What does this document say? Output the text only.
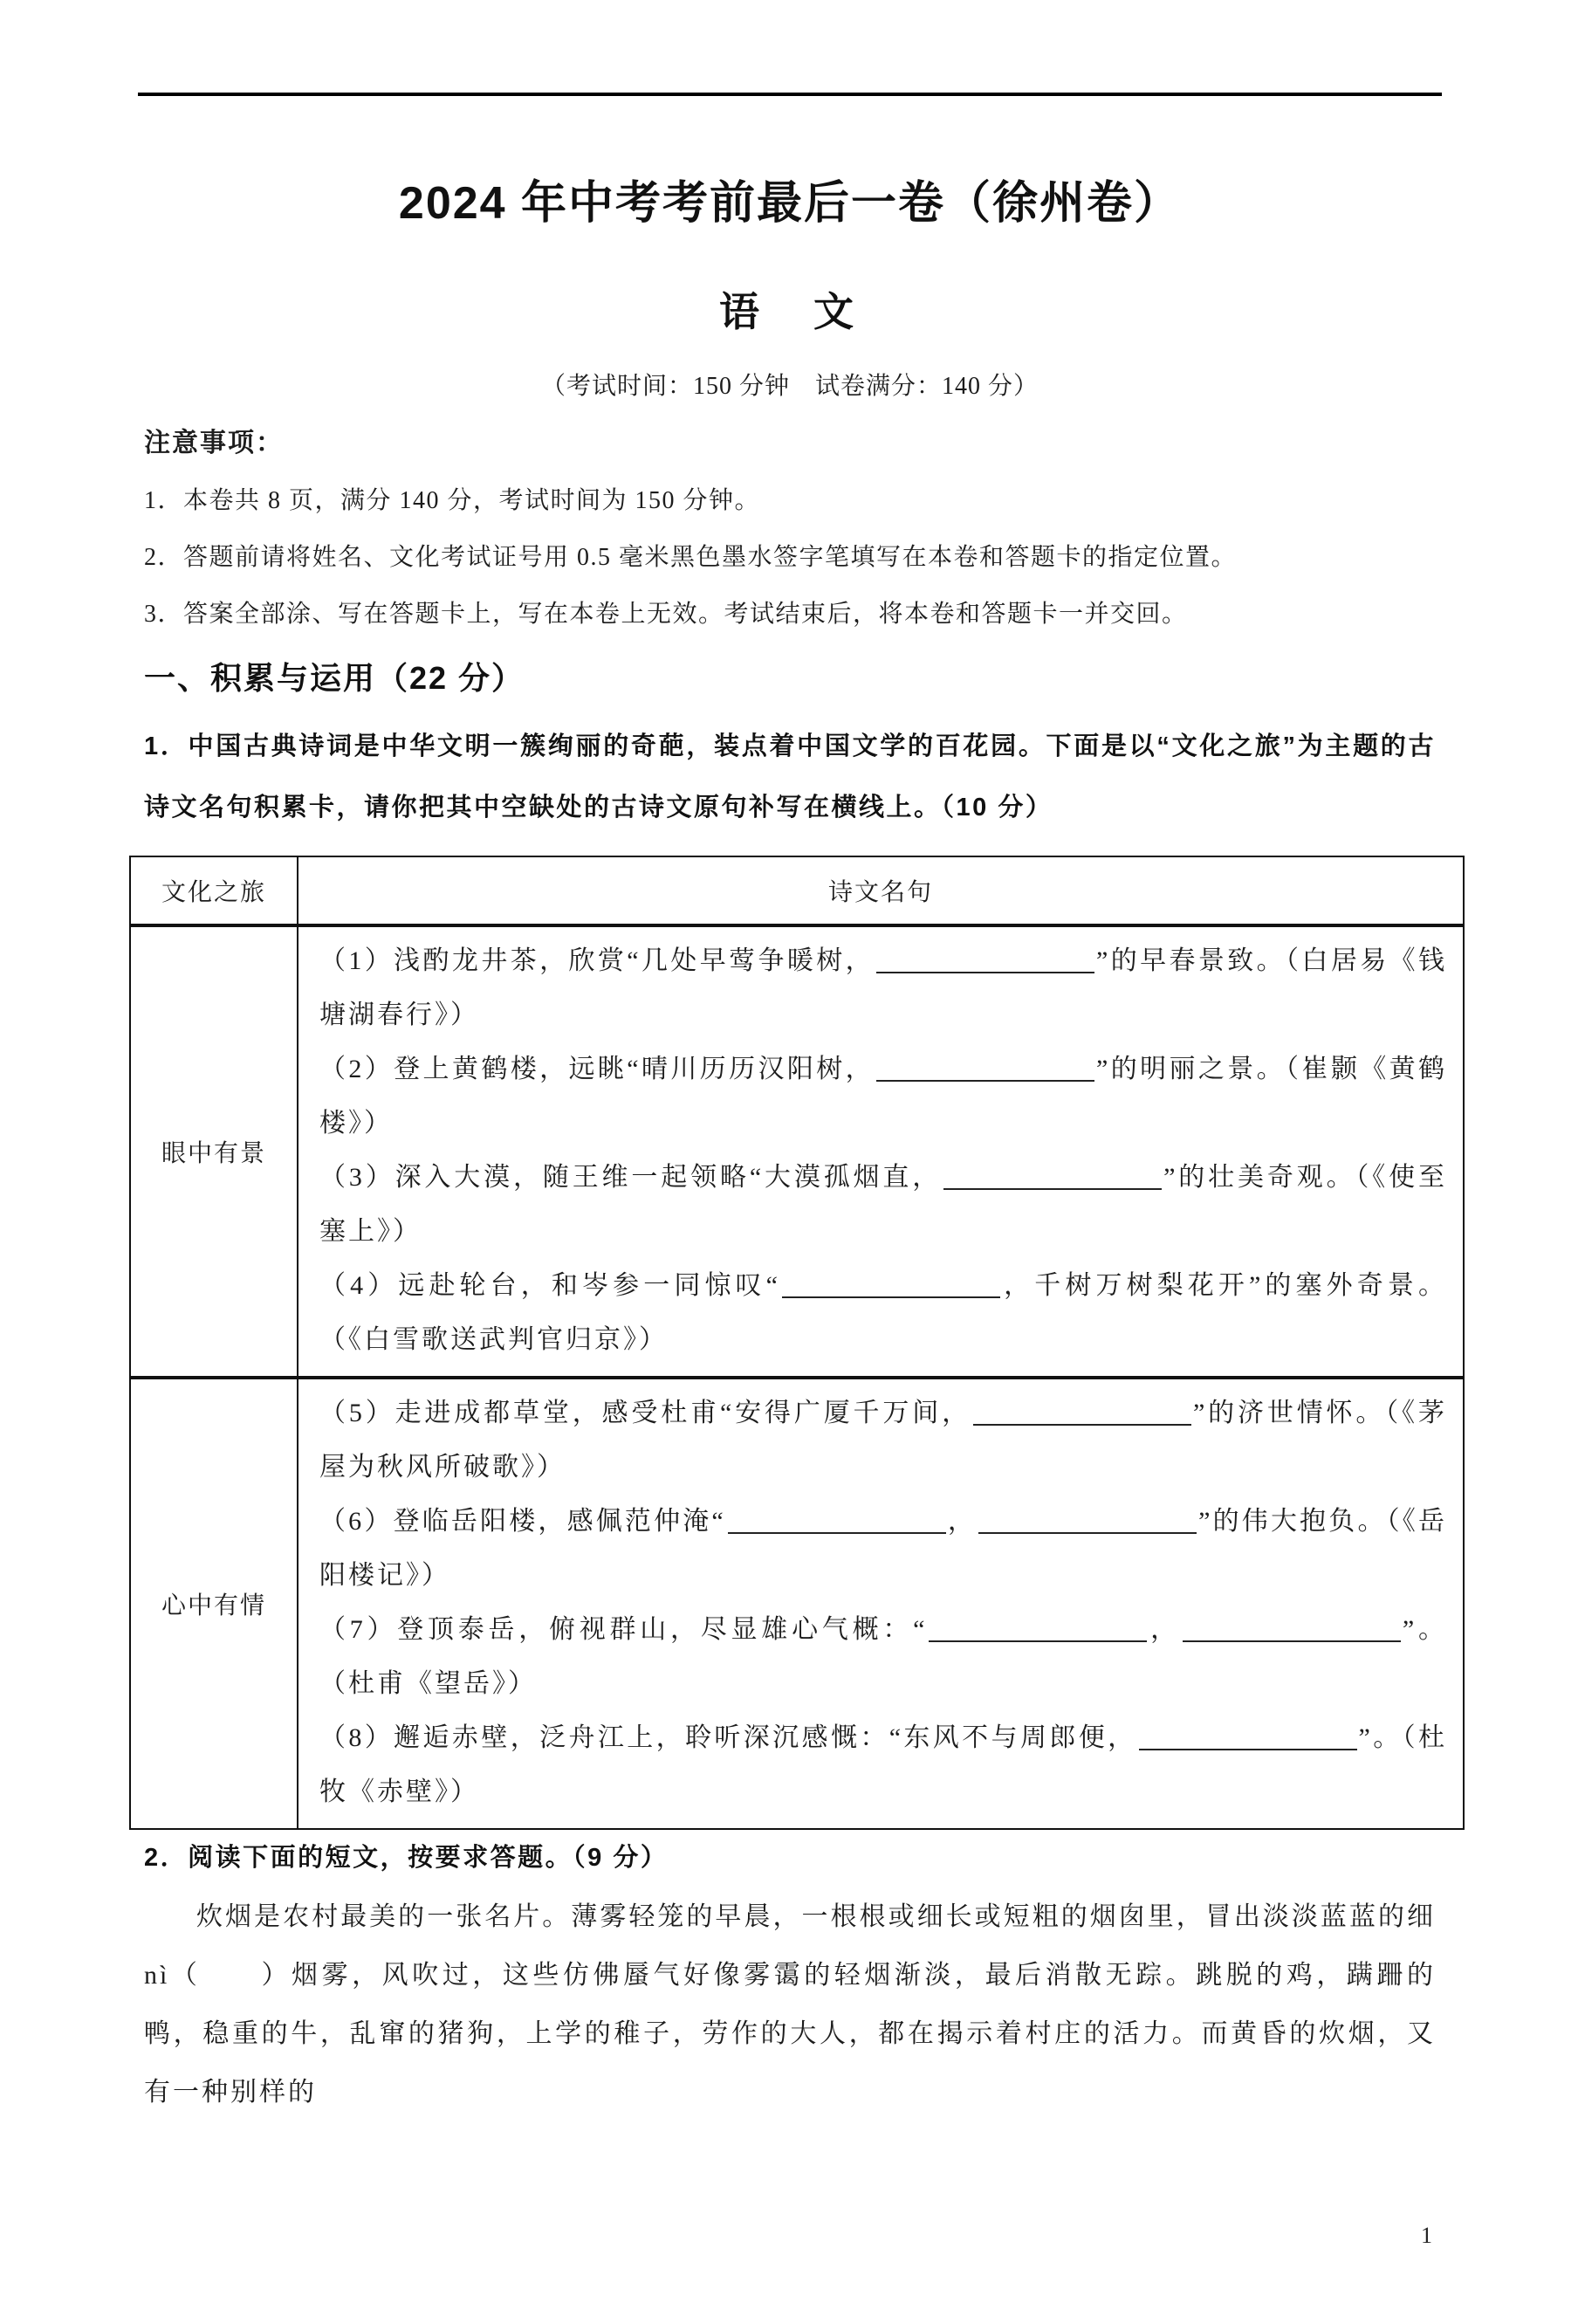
2024 年中考考前最后一卷（徐州卷）
语　文
（考试时间：150 分钟　试卷满分：140 分）
注意事项：
1．本卷共 8 页，满分 140 分，考试时间为 150 分钟。
2．答题前请将姓名、文化考试证号用 0.5 毫米黑色墨水签字笔填写在本卷和答题卡的指定位置。
3．答案全部涂、写在答题卡上，写在本卷上无效。考试结束后，将本卷和答题卡一并交回。
一、积累与运用（22 分）
1．中国古典诗词是中华文明一簇绚丽的奇葩，装点着中国文学的百花园。下面是以“文化之旅”为主题的古诗文名句积累卡，请你把其中空缺处的古诗文原句补写在横线上。（10 分）
文化之旅	诗文名句
眼中有景	（1）浅酌龙井茶，欣赏“几处早莺争暖树， ”的早春景致。（白居易《钱塘湖春行》）

（2）登上黄鹤楼，远眺“晴川历历汉阳树， ”的明丽之景。（崔颢《黄鹤楼》）

（3）深入大漠，随王维一起领略“大漠孤烟直， ”的壮美奇观。（《使至塞上》）

（4）远赴轮台，和岑参一同惊叹“ ，千树万树梨花开”的塞外奇景。（《白雪歌送武判官归京》）

心中有情	（5）走进成都草堂，感受杜甫“安得广厦千万间， ”的济世情怀。（《茅屋为秋风所破歌》）

（6）登临岳阳楼，感佩范仲淹“ ， ”的伟大抱负。（《岳阳楼记》）

（7）登顶泰岳，俯视群山，尽显雄心气概：“ ， ”。（杜甫《望岳》）

（8）邂逅赤壁，泛舟江上，聆听深沉感慨：“东风不与周郎便， ”。（杜牧《赤壁》）

2．阅读下面的短文，按要求答题。（9 分）

炊烟是农村最美的一张名片。薄雾轻笼的早晨，一根根或细长或短粗的烟囱里，冒出淡淡蓝蓝的细 nì（　　）烟雾，风吹过，这些仿佛蜃气好像雾霭的轻烟渐淡，最后消散无踪。跳脱的鸡，蹒跚的鸭，稳重的牛，乱窜的猪狗，上学的稚子，劳作的大人，都在揭示着村庄的活力。而黄昏的炊烟，又有一种别样的

1
